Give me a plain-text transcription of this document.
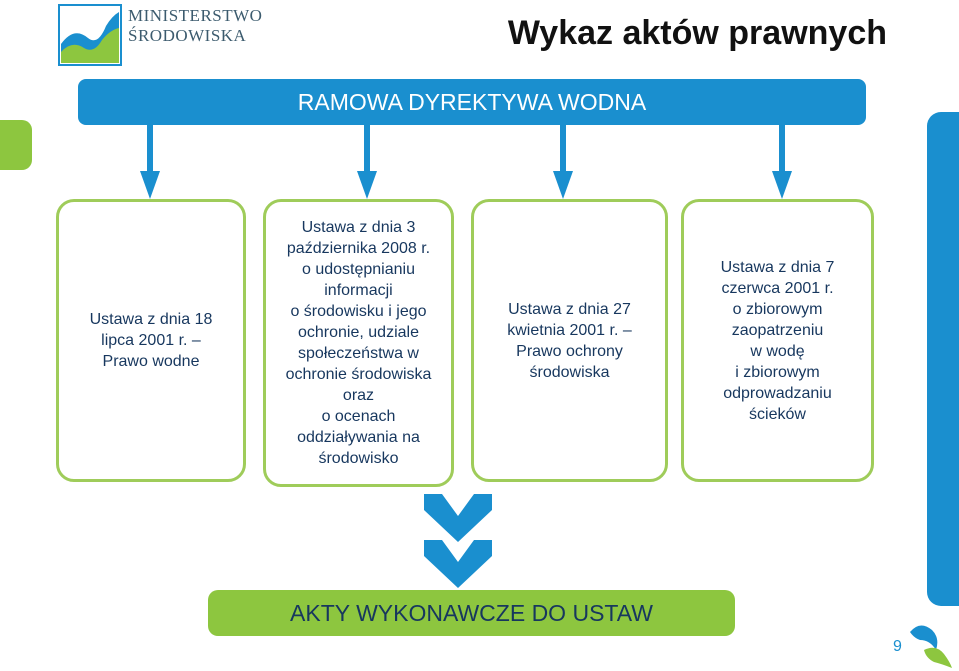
MINISTERSTWO
ŚRODOWISKA	Wykaz aktów prawnych
RAMOWA DYREKTYWA WODNA
Ustawa z dnia 18
lipca 2001 r. –
Prawo wodne
Ustawa z dnia 3
października 2008 r.
o udostępnianiu
informacji
o środowisku i jego
ochronie, udziale
społeczeństwa w
ochronie środowiska
oraz
o ocenach
oddziaływania na
środowisko
Ustawa z dnia 27
kwietnia 2001 r. –
Prawo ochrony
środowiska
Ustawa z dnia 7
czerwca 2001 r.
o zbiorowym
zaopatrzeniu
w wodę
i zbiorowym
odprowadzaniu
ścieków
AKTY WYKONAWCZE DO USTAW
9
